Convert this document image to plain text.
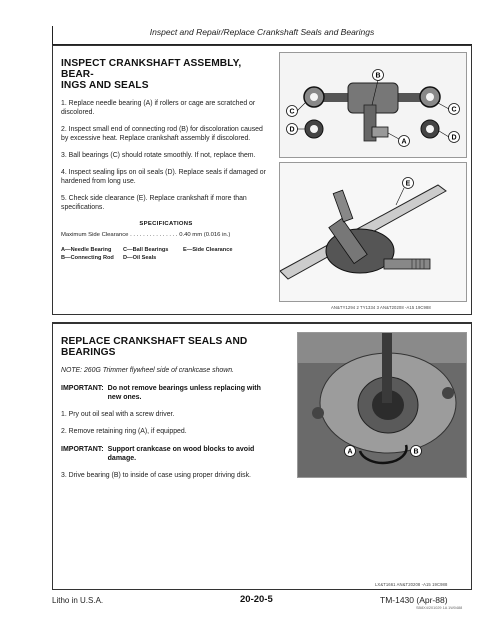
Inspect and Repair/Replace Crankshaft Seals and Bearings
INSPECT CRANKSHAFT ASSEMBLY, BEAR-
INGS AND SEALS

1. Replace needle bearing (A) if rollers or cage are scratched or discolored.

2. Inspect small end of connecting rod (B) for discoloration caused by excessive heat. Replace crankshaft assembly if discolored.

3. Ball bearings (C) should rotate smoothly. If not, replace them.

4. Inspect sealing lips on oil seals (D). Replace seals if damaged or hardened from long use.

5. Check side clearance (E). Replace crankshaft if more than specifications.

SPECIFICATIONS
Maximum Side Clearance . . . . . . . . . . . . . . . 0.40 mm (0.016 in.)
A—Needle Bearing	C—Ball Bearings	E—Side Clearance
B—Connecting Rod	D—Oil Seals
C
D
A
B
C
D
E
AN&TY1294 2 TY1334 3 AN&T20208 -A15 19C988
REPLACE CRANKSHAFT SEALS AND
BEARINGS

NOTE: 260G Trimmer flywheel side of crankcase shown.

IMPORTANT: Do not remove bearings unless replacing with new ones.

1. Pry out oil seal with a screw driver.

2. Remove retaining ring (A), if equipped.

IMPORTANT: Support crankcase on wood blocks to avoid damage.

3. Drive bearing (B) to inside of case using proper driving disk.

A	B
LX&T1661 AN&T20208 -A15 19C988
Litho in U.S.A.	20-20-5	TM-1430 (Apr-88)
SB8X4/201029 1A 1W0488
